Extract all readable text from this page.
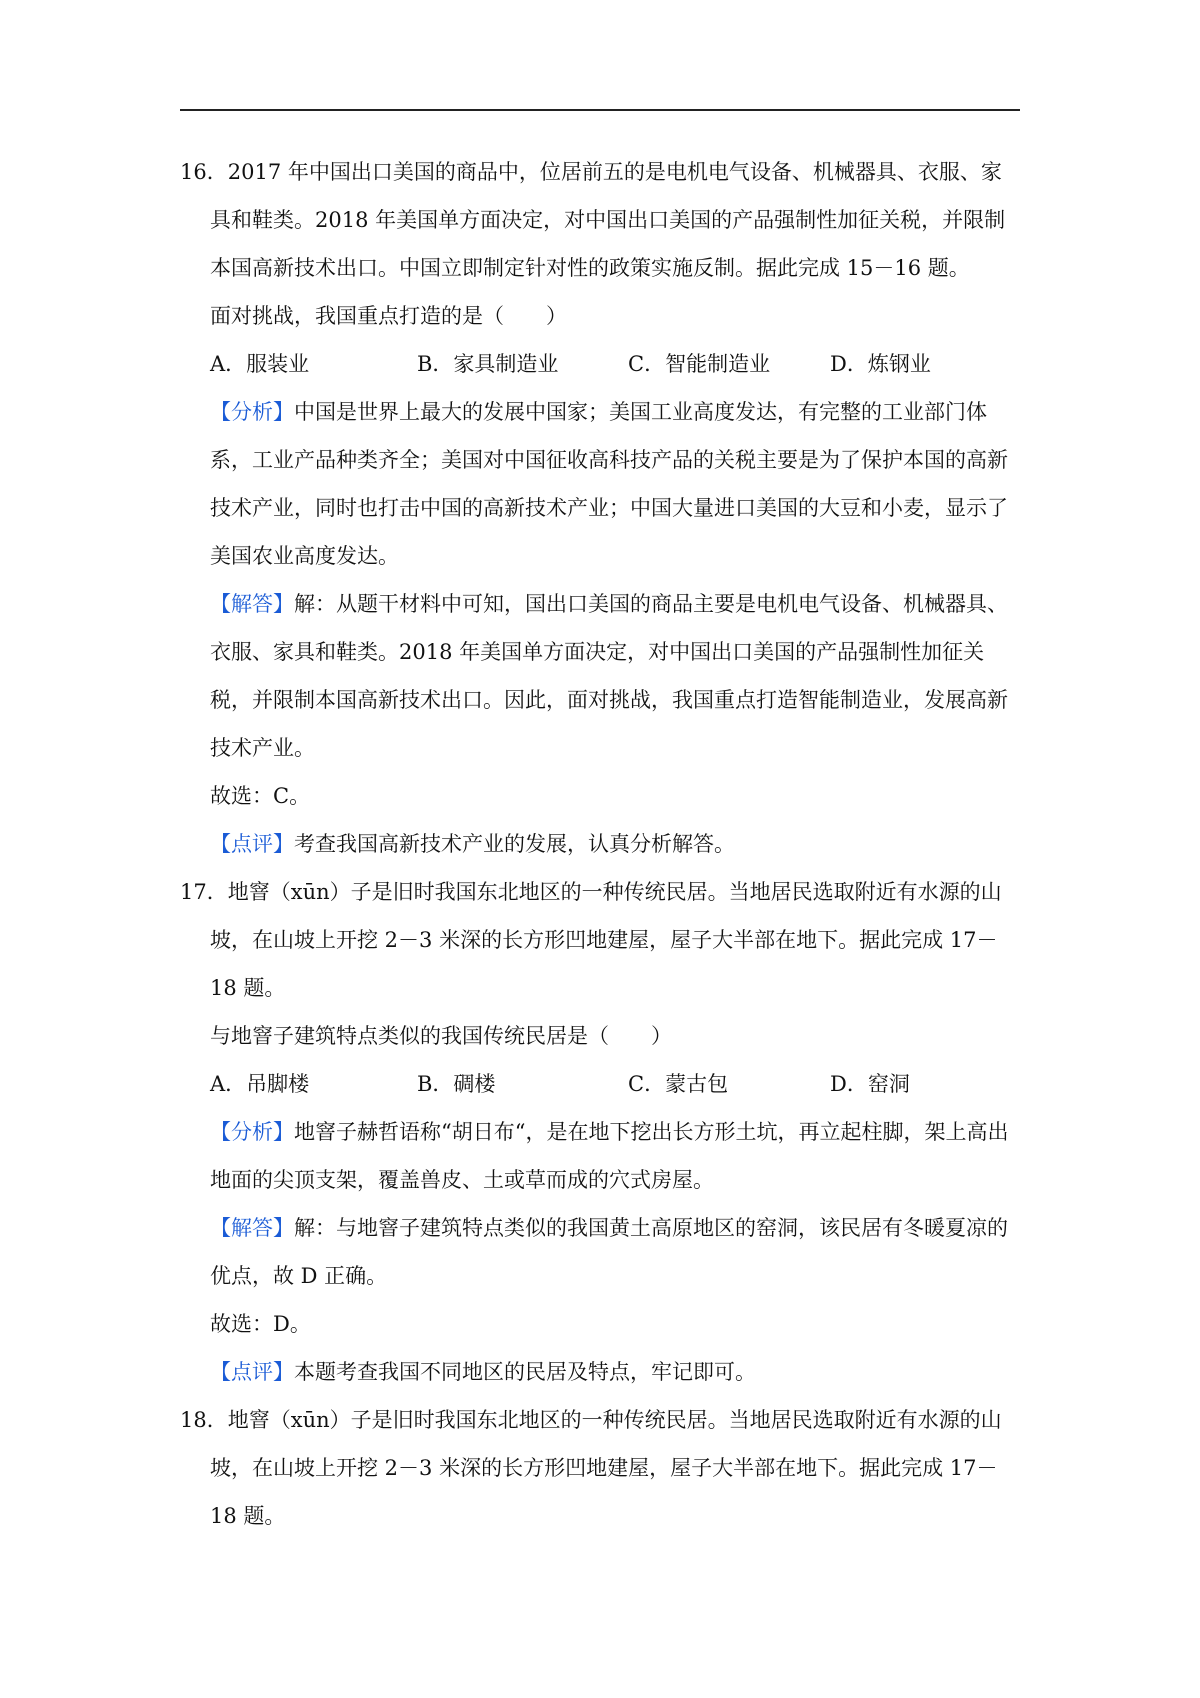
16．2017 年中国出口美国的商品中，位居前五的是电机电气设备、机械器具、衣服、家具和鞋类。2018 年美国单方面决定，对中国出口美国的产品强制性加征关税，并限制本国高新技术出口。中国立即制定针对性的政策实施反制。据此完成 15－16 题。

面对挑战，我国重点打造的是（　　）

A．服装业	B．家具制造业	C．智能制造业	D．炼钢业

【分析】中国是世界上最大的发展中国家；美国工业高度发达，有完整的工业部门体系，工业产品种类齐全；美国对中国征收高科技产品的关税主要是为了保护本国的高新技术产业，同时也打击中国的高新技术产业；中国大量进口美国的大豆和小麦，显示了美国农业高度发达。

【解答】解：从题干材料中可知，国出口美国的商品主要是电机电气设备、机械器具、衣服、家具和鞋类。2018 年美国单方面决定，对中国出口美国的产品强制性加征关税，并限制本国高新技术出口。因此，面对挑战，我国重点打造智能制造业，发展高新技术产业。

故选：C。

【点评】考查我国高新技术产业的发展，认真分析解答。

17．地窨（xūn）子是旧时我国东北地区的一种传统民居。当地居民选取附近有水源的山坡，在山坡上开挖 2－3 米深的长方形凹地建屋，屋子大半部在地下。据此完成 17－18 题。

与地窨子建筑特点类似的我国传统民居是（　　）

A．吊脚楼	B．碉楼	C．蒙古包	D．窑洞

【分析】地窨子赫哲语称“胡日布“，是在地下挖出长方形土坑，再立起柱脚，架上高出地面的尖顶支架，覆盖兽皮、土或草而成的穴式房屋。

【解答】解：与地窨子建筑特点类似的我国黄土高原地区的窑洞，该民居有冬暖夏凉的优点，故 D 正确。

故选：D。

【点评】本题考查我国不同地区的民居及特点，牢记即可。

18．地窨（xūn）子是旧时我国东北地区的一种传统民居。当地居民选取附近有水源的山坡，在山坡上开挖 2－3 米深的长方形凹地建屋，屋子大半部在地下。据此完成 17－18 题。
